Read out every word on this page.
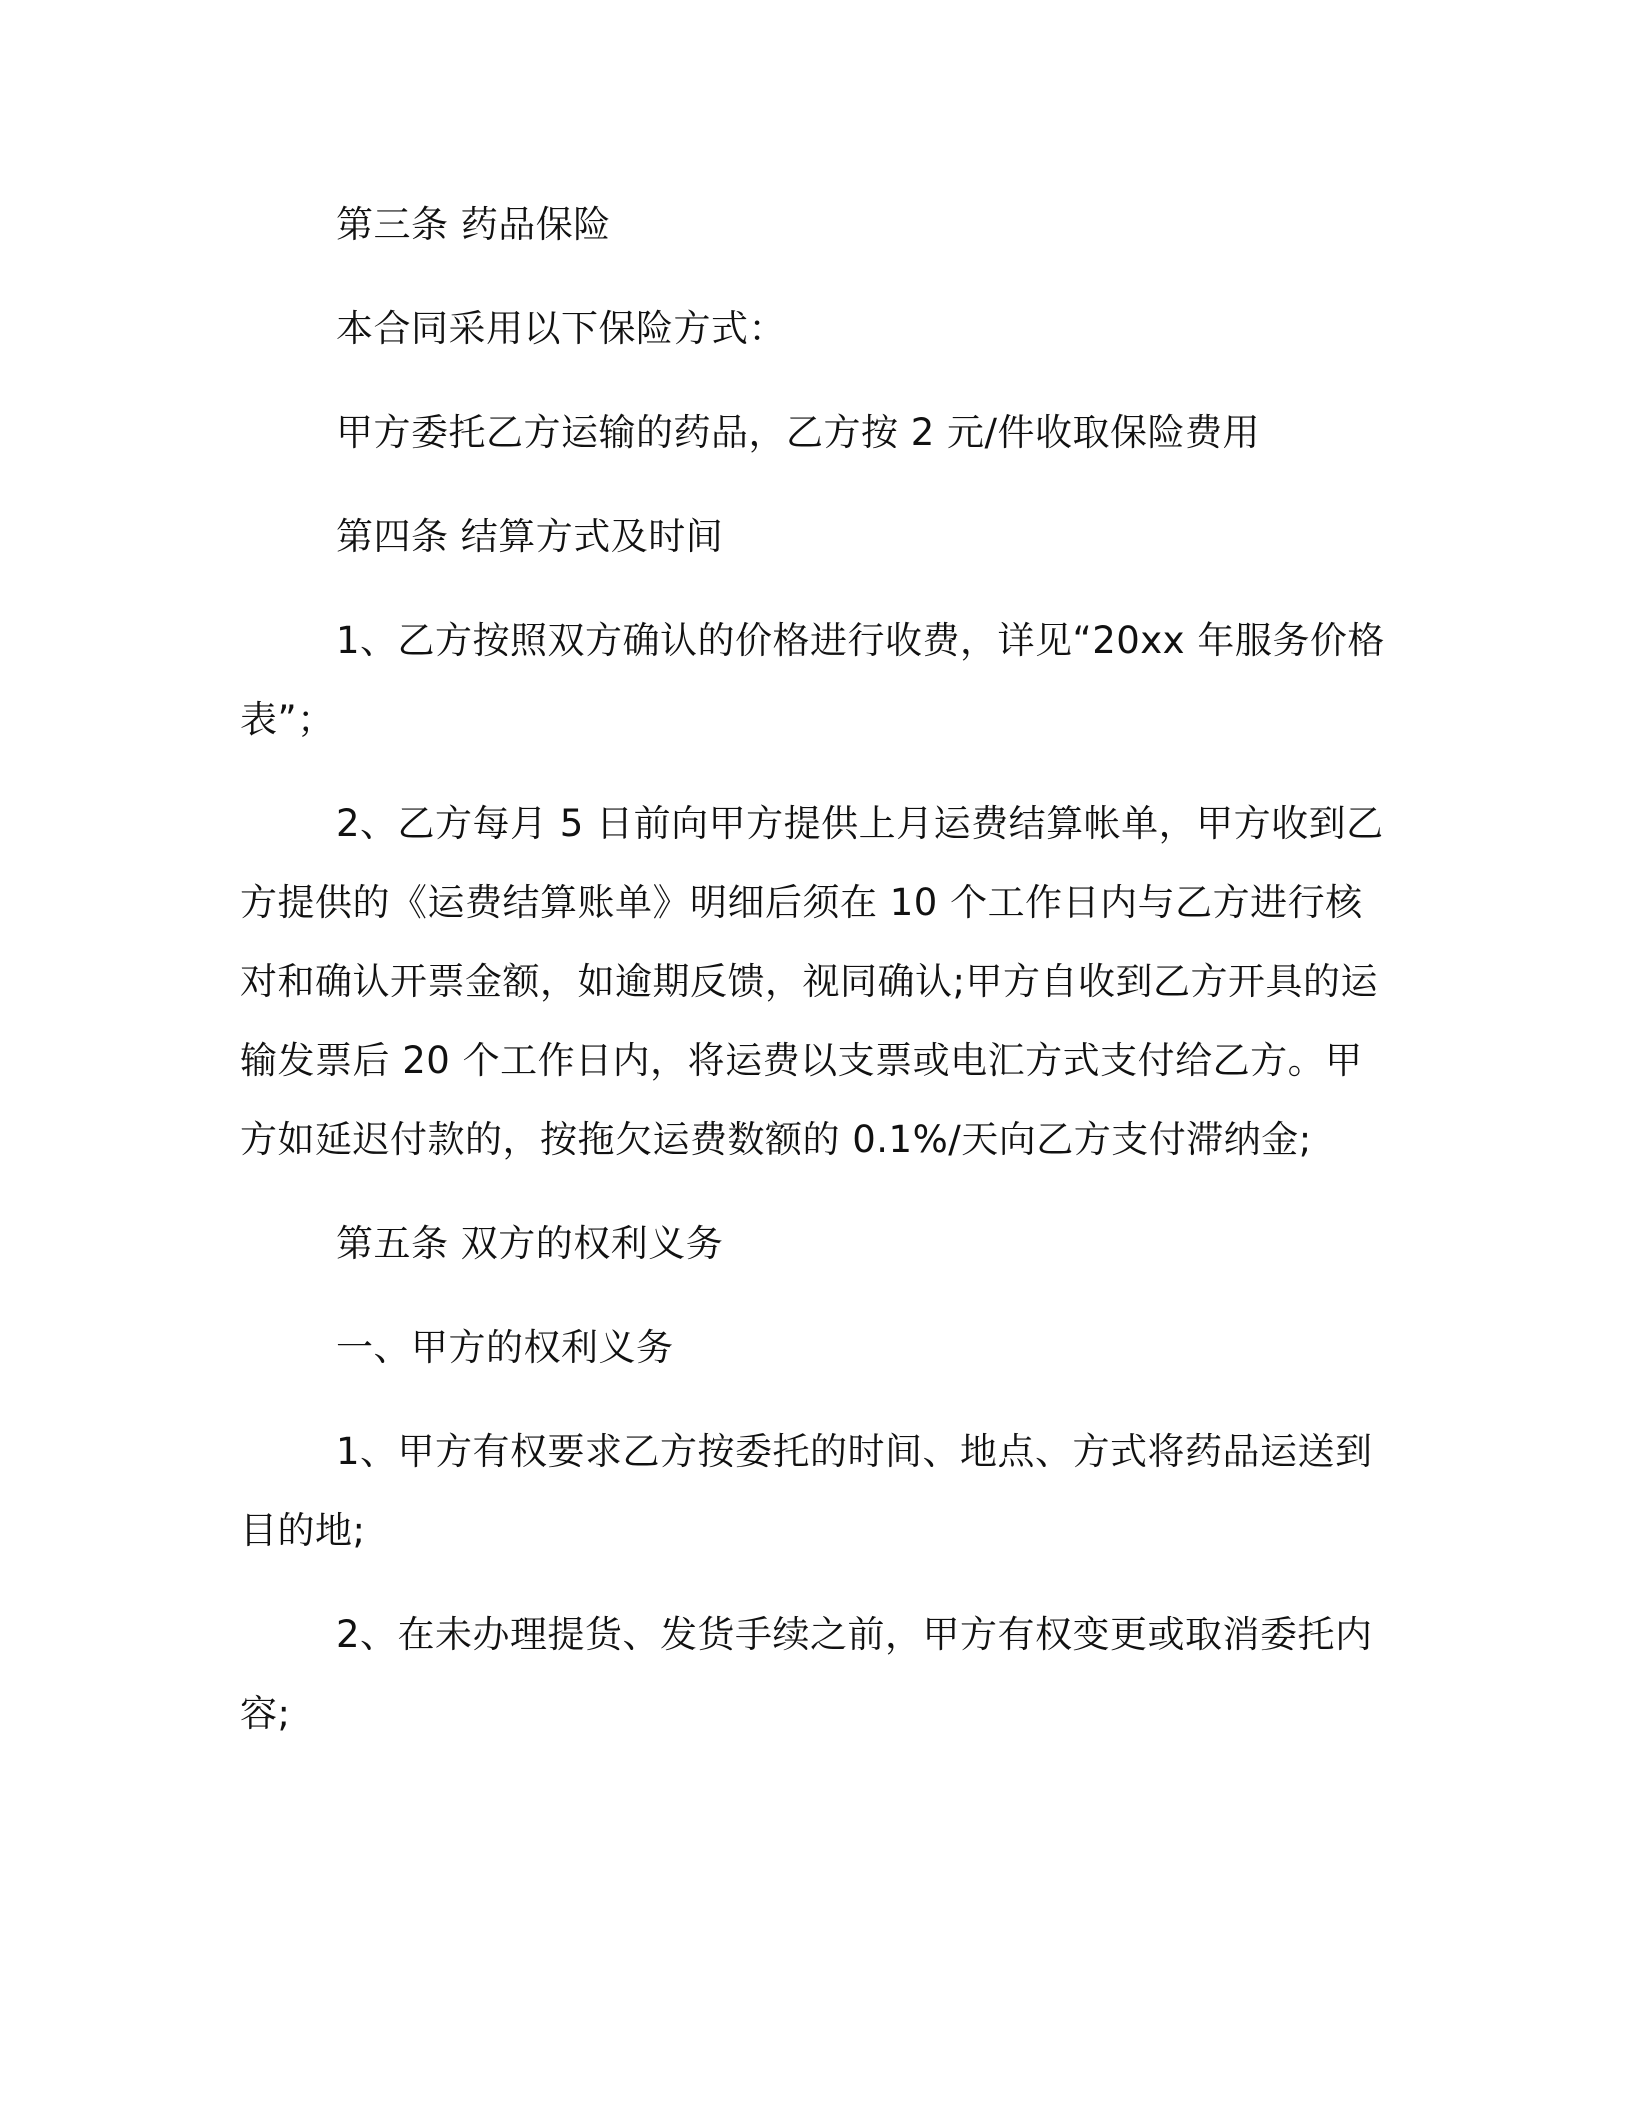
第三条 药品保险

本合同采用以下保险方式：

甲方委托乙方运输的药品，乙方按 2 元/件收取保险费用

第四条 结算方式及时间

1、乙方按照双方确认的价格进行收费，详见“20xx 年服务价格表”；

2、乙方每月 5 日前向甲方提供上月运费结算帐单，甲方收到乙方提供的《运费结算账单》明细后须在 10 个工作日内与乙方进行核对和确认开票金额，如逾期反馈，视同确认;甲方自收到乙方开具的运输发票后 20 个工作日内，将运费以支票或电汇方式支付给乙方。甲方如延迟付款的，按拖欠运费数额的 0.1%/天向乙方支付滞纳金;

第五条 双方的权利义务

一、甲方的权利义务

1、甲方有权要求乙方按委托的时间、地点、方式将药品运送到目的地;

2、在未办理提货、发货手续之前，甲方有权变更或取消委托内容;
